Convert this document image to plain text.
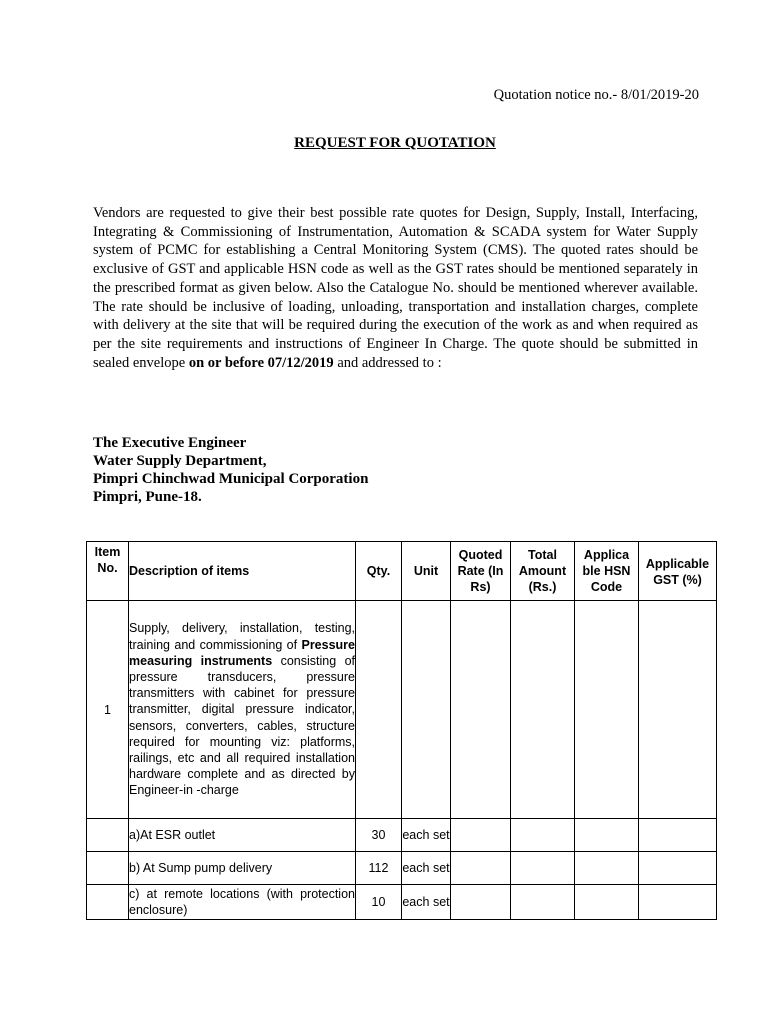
Quotation notice no.- 8/01/2019-20
REQUEST FOR QUOTATION
Vendors are requested to give their best possible rate quotes for Design, Supply, Install, Interfacing, Integrating & Commissioning of Instrumentation, Automation & SCADA system for Water Supply system of PCMC for establishing a Central Monitoring System (CMS). The quoted rates should be exclusive of GST and applicable HSN code as well as the GST rates should be mentioned separately in the prescribed format as given below. Also the Catalogue No. should be mentioned wherever available. The rate should be inclusive of loading, unloading, transportation and installation charges, complete with delivery at the site that will be required during the execution of the work as and when required as per the site requirements and instructions of Engineer In Charge. The quote should be submitted in sealed envelope on or before 07/12/2019 and addressed to :
The Executive Engineer
Water Supply Department,
Pimpri Chinchwad Municipal Corporation
Pimpri, Pune-18.
Item No.	Description of items	Qty.	Unit	Quoted Rate (In Rs)	Total Amount (Rs.)	Applica ble HSN Code	Applicable GST (%)
1	Supply, delivery, installation, testing, training and commissioning of Pressure measuring instruments consisting of pressure transducers, pressure transmitters with cabinet for pressure transmitter, digital pressure indicator, sensors, converters, cables, structure required for mounting viz: platforms, railings, etc and all required installation hardware complete and as directed by Engineer-in -charge						
	a)At ESR outlet	30	each set				
	b) At Sump pump delivery	112	each set				
	c) at remote locations (with protection enclosure)	10	each set				
